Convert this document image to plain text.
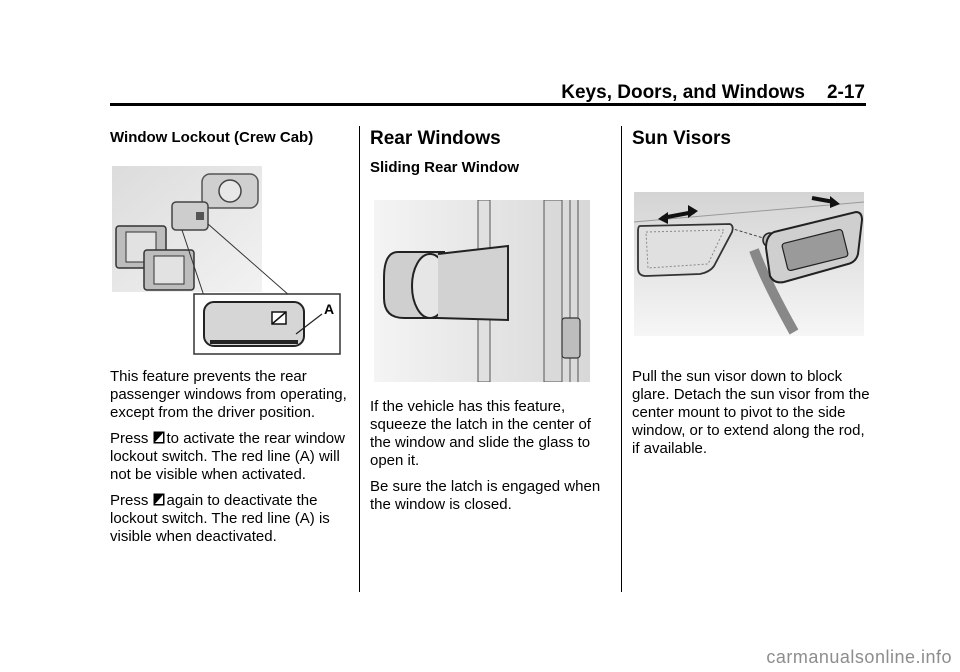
Keys, Doors, and Windows 2-17
Window Lockout (Crew Cab)
A

This feature prevents the rear passenger windows from operating, except from the driver position.

Press to activate the rear window lockout switch. The red line (A) will not be visible when activated.

Press again to deactivate the lockout switch. The red line (A) is visible when deactivated.

Rear Windows
Sliding Rear Window

If the vehicle has this feature, squeeze the latch in the center of the window and slide the glass to open it.

Be sure the latch is engaged when the window is closed.

Sun Visors

Pull the sun visor down to block glare. Detach the sun visor from the center mount to pivot to the side window, or to extend along the rod, if available.

carmanualsonline.info
